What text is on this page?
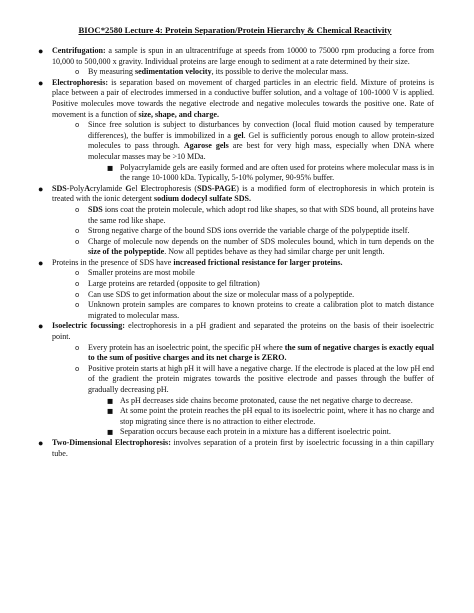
BIOC*2580 Lecture 4: Protein Separation/Protein Hierarchy & Chemical Reactivity
● Centrifugation: a sample is spun in an ultracentrifuge at speeds from 10000 to 75000 rpm producing a force from 10,000 to 500,000 x gravity. Individual proteins are large enough to sediment at a rate determined by their size.
o By measuring sedimentation velocity, its possible to derive the molecular mass.
● Electrophoresis: is separation based on movement of charged particles in an electric field. Mixture of proteins is place between a pair of electrodes immersed in a conductive buffer solution, and a voltage of 100-1000 V is applied. Positive molecules move towards the negative electrode and negative molecules towards the positive one. Rate of movement is a function of size, shape, and charge.
o Since free solution is subject to disturbances by convection (local fluid motion caused by temperature differences), the buffer is immobilized in a gel. Gel is sufficiently porous enough to allow protein-sized molecules to pass through. Agarose gels are best for very high mass, especially when DNA where molecular masses may be >10 MDa.
■ Polyacrylamide gels are easily formed and are often used for proteins where molecular mass is in the range 10-1000 kDa. Typically, 5-10% polymer, 90-95% buffer.
● SDS-PolyAcrylamide Gel Electrophoresis (SDS-PAGE) is a modified form of electrophoresis in which protein is treated with the ionic detergent sodium dodecyl sulfate SDS.
o SDS ions coat the protein molecule, which adopt rod like shapes, so that with SDS bound, all proteins have the same rod like shape.
o Strong negative charge of the bound SDS ions override the variable charge of the polypeptide itself.
o Charge of molecule now depends on the number of SDS molecules bound, which in turn depends on the size of the polypeptide. Now all peptides behave as they had similar charge per unit length.
● Proteins in the presence of SDS have increased frictional resistance for larger proteins.
o Smaller proteins are most mobile
o Large proteins are retarded (opposite to gel filtration)
o Can use SDS to get information about the size or molecular mass of a polypeptide.
o Unknown protein samples are compares to known proteins to create a calibration plot to match distance migrated to molecular mass.
● Isoelectric focussing: electrophoresis in a pH gradient and separated the proteins on the basis of their isoelectric point.
o Every protein has an isoelectric point, the specific pH where the sum of negative charges is exactly equal to the sum of positive charges and its net charge is ZERO.
o Positive protein starts at high pH it will have a negative charge. If the electrode is placed at the low pH end of the gradient the protein migrates towards the positive electrode and passes through the buffer of gradually decreasing pH.
■ As pH decreases side chains become protonated, cause the net negative charge to decrease.
■ At some point the protein reaches the pH equal to its isoelectric point, where it has no charge and stop migrating since there is no attraction to either electrode.
■ Separation occurs because each protein in a mixture has a different isoelectric point.
● Two-Dimensional Electrophoresis: involves separation of a protein first by isoelectric focussing in a thin capillary tube.
